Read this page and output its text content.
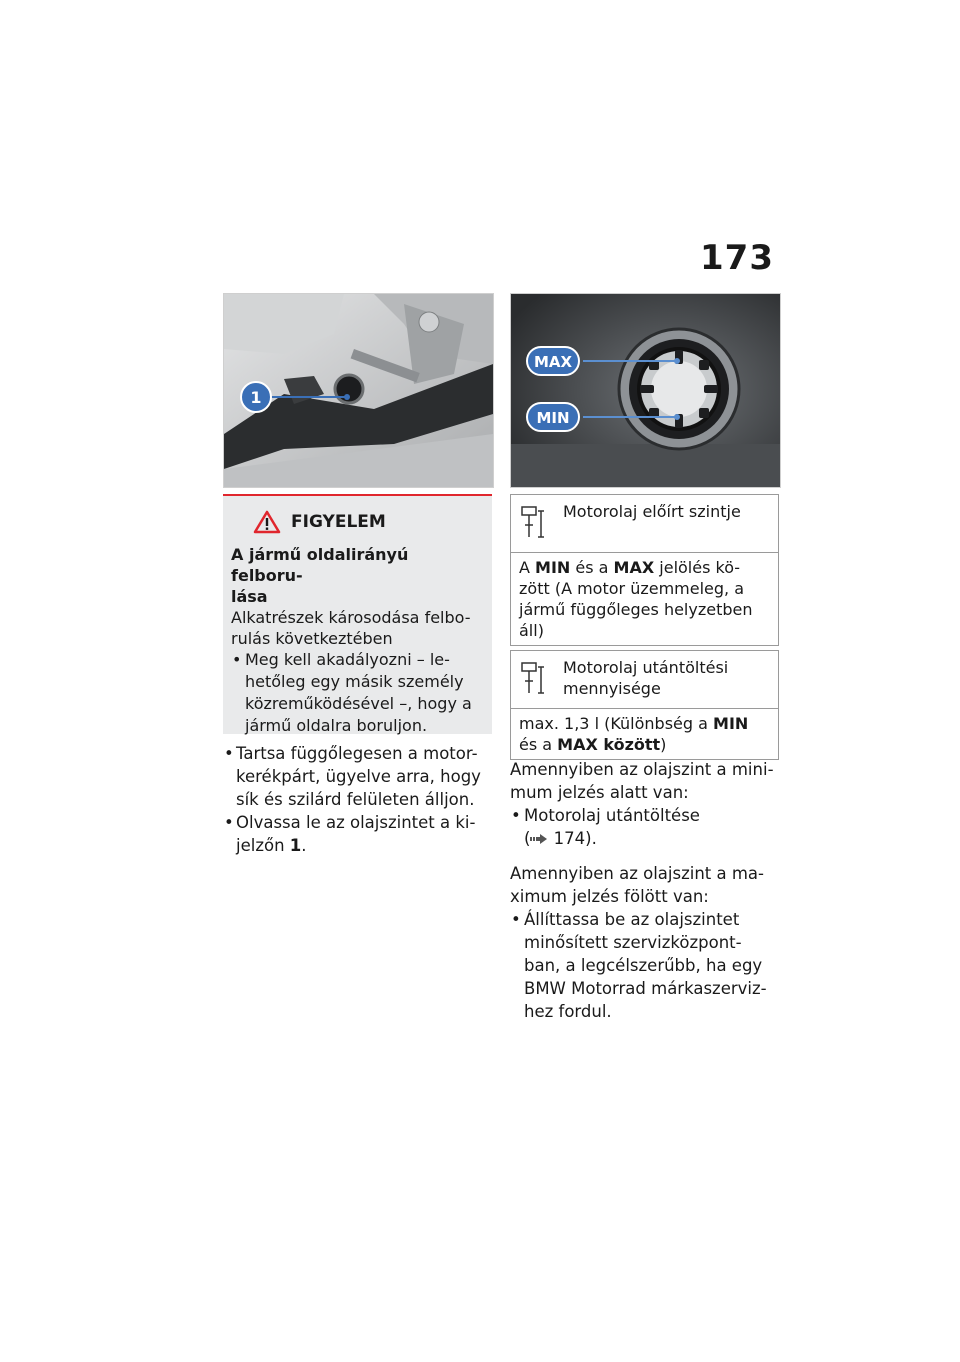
173
1
MAX
MIN
FIGYELEM
A jármű oldalirányú felboru-
lása
Alkatrészek károsodása felbo-
rulás következtében
• Meg kell akadályozni – le-
hetőleg egy másik személy
közreműködésével –, hogy a
jármű oldalra boruljon.
• Tartsa függőlegesen a motor-
kerékpárt, ügyelve arra, hogy
sík és szilárd felületen álljon.
• Olvassa le az olajszintet a ki-
jelzőn 1.
Motorolaj előírt szintje
A MIN és a MAX jelölés kö-
zött (A motor üzemmeleg, a
jármű függőleges helyzetben
áll)
Motorolaj utántöltési
mennyisége
max. 1,3 l (Különbség a MIN
és a MAX között)

Amennyiben az olajszint a mini-

mum jelzés alatt van:

• Motorolaj utántöltése
( 174).

Amennyiben az olajszint a ma-

ximum jelzés fölött van:

• Állíttassa be az olajszintet
minősített szervizközpont-
ban, a legcélszerűbb, ha egy
BMW Motorrad márkaszerviz-
hez fordul.
